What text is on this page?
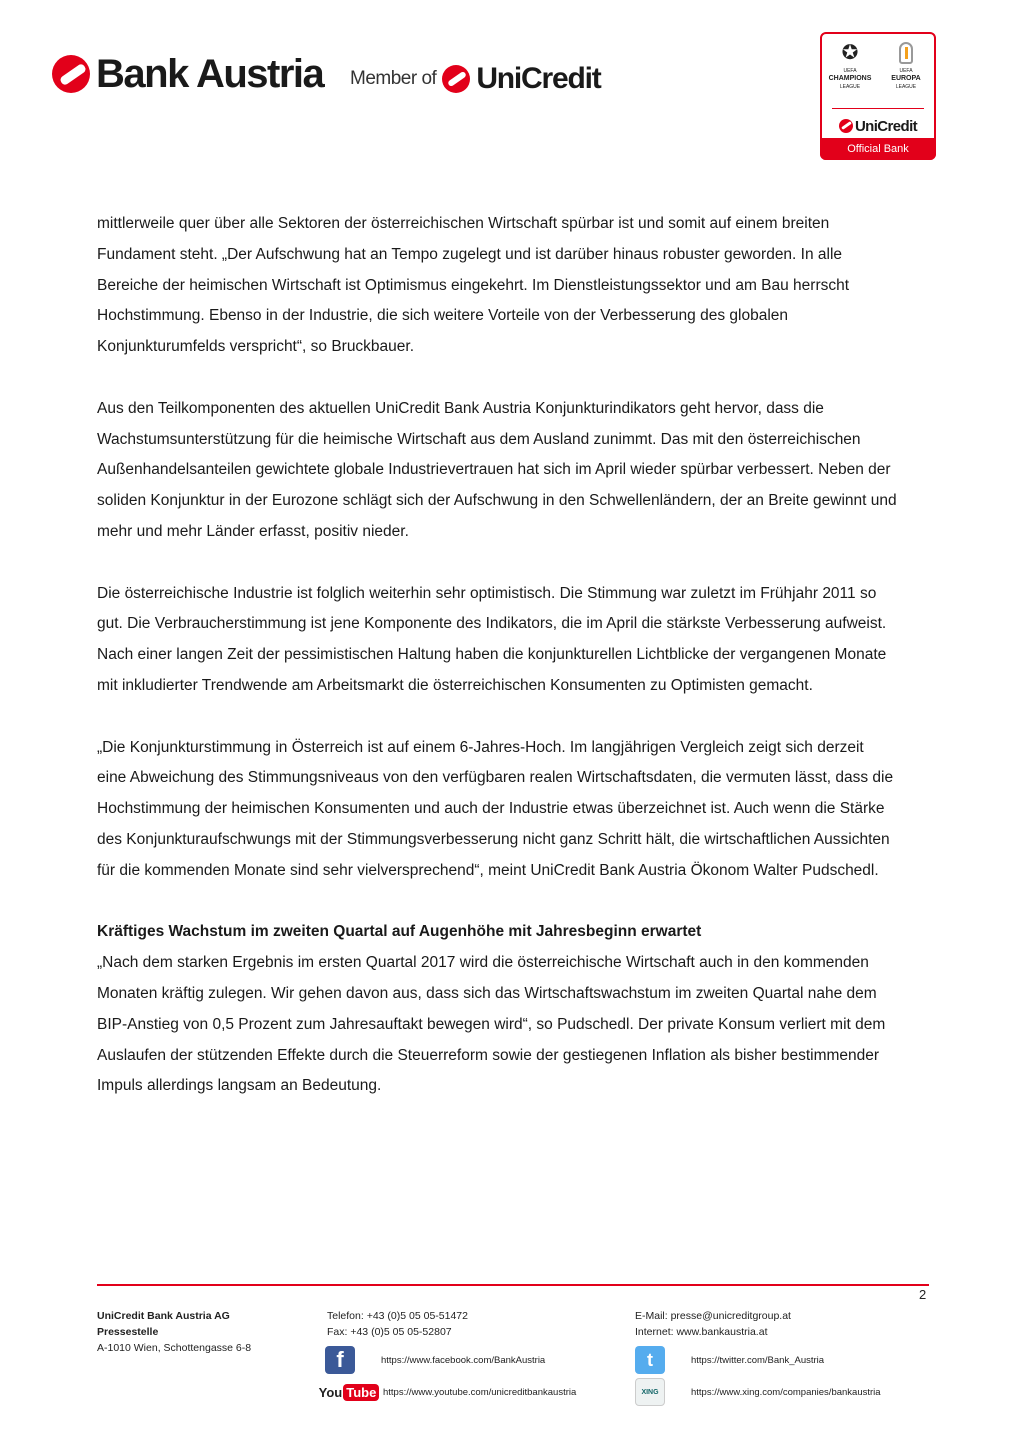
Bank Austria Member of UniCredit
✪
UEFA
CHAMPIONS
LEAGUE
UEFA
EUROPA
LEAGUE
UniCredit
Official Bank

mittlerweile quer über alle Sektoren der österreichischen Wirtschaft spürbar ist und somit auf einem breiten Fundament steht. „Der Aufschwung hat an Tempo zugelegt und ist darüber hinaus robuster geworden. In alle Bereiche der heimischen Wirtschaft ist Optimismus eingekehrt. Im Dienstleistungssektor und am Bau herrscht Hochstimmung. Ebenso in der Industrie, die sich weitere Vorteile von der Verbesserung des globalen Konjunkturumfelds verspricht“, so Bruckbauer.

Aus den Teilkomponenten des aktuellen UniCredit Bank Austria Konjunkturindikators geht hervor, dass die Wachstumsunterstützung für die heimische Wirtschaft aus dem Ausland zunimmt. Das mit den österreichischen Außenhandelsanteilen gewichtete globale Industrievertrauen hat sich im April wieder spürbar verbessert. Neben der soliden Konjunktur in der Eurozone schlägt sich der Aufschwung in den Schwellenländern, der an Breite gewinnt und mehr und mehr Länder erfasst, positiv nieder.

Die österreichische Industrie ist folglich weiterhin sehr optimistisch. Die Stimmung war zuletzt im Frühjahr 2011 so gut. Die Verbraucherstimmung ist jene Komponente des Indikators, die im April die stärkste Verbesserung aufweist. Nach einer langen Zeit der pessimistischen Haltung haben die konjunkturellen Lichtblicke der vergangenen Monate mit inkludierter Trendwende am Arbeitsmarkt die österreichischen Konsumenten zu Optimisten gemacht.

„Die Konjunkturstimmung in Österreich ist auf einem 6-Jahres-Hoch. Im langjährigen Vergleich zeigt sich derzeit eine Abweichung des Stimmungsniveaus von den verfügbaren realen Wirtschaftsdaten, die vermuten lässt, dass die Hochstimmung der heimischen Konsumenten und auch der Industrie etwas überzeichnet ist. Auch wenn die Stärke des Konjunkturaufschwungs mit der Stimmungsverbesserung nicht ganz Schritt hält, die wirtschaftlichen Aussichten für die kommenden Monate sind sehr vielversprechend“, meint UniCredit Bank Austria Ökonom Walter Pudschedl.

Kräftiges Wachstum im zweiten Quartal auf Augenhöhe mit Jahresbeginn erwartet

„Nach dem starken Ergebnis im ersten Quartal 2017 wird die österreichische Wirtschaft auch in den kommenden Monaten kräftig zulegen. Wir gehen davon aus, dass sich das Wirtschaftswachstum im zweiten Quartal nahe dem BIP-Anstieg von 0,5 Prozent zum Jahresauftakt bewegen wird“, so Pudschedl. Der private Konsum verliert mit dem Auslaufen der stützenden Effekte durch die Steuerreform sowie der gestiegenen Inflation als bisher bestimmender Impuls allerdings langsam an Bedeutung.

2
UniCredit Bank Austria AG
Pressestelle
A-1010 Wien, Schottengasse 6-8
Telefon: +43 (0)5 05 05-51472
Fax: +43 (0)5 05 05-52807
E-Mail: presse@unicreditgroup.at
Internet: www.bankaustria.at
f	https://www.facebook.com/BankAustria
You Tube https://www.youtube.com/unicreditbankaustria
t	https://twitter.com/Bank_Austria
XING	https://www.xing.com/companies/bankaustria
